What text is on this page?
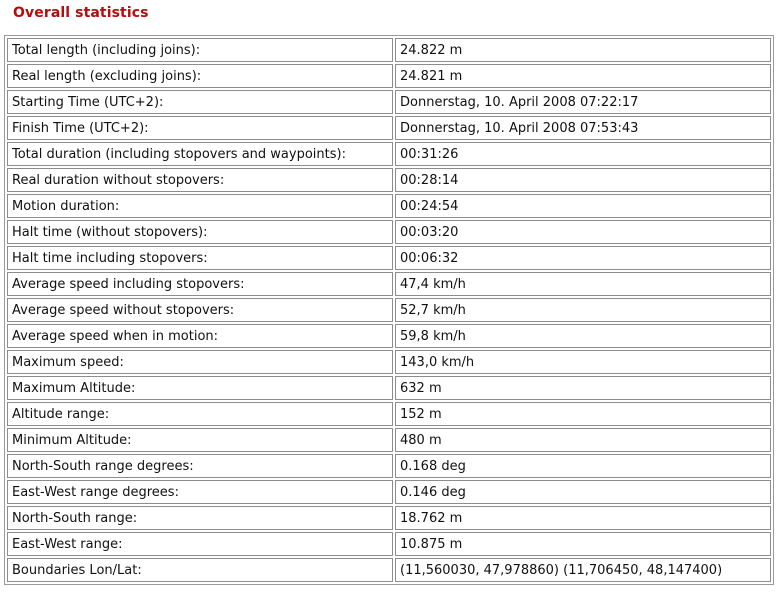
Overall statistics
Total length (including joins):	24.822 m
Real length (excluding joins):	24.821 m
Starting Time (UTC+2):	Donnerstag, 10. April 2008 07:22:17
Finish Time (UTC+2):	Donnerstag, 10. April 2008 07:53:43
Total duration (including stopovers and waypoints):	00:31:26
Real duration without stopovers:	00:28:14
Motion duration:	00:24:54
Halt time (without stopovers):	00:03:20
Halt time including stopovers:	00:06:32
Average speed including stopovers:	47,4 km/h
Average speed without stopovers:	52,7 km/h
Average speed when in motion:	59,8 km/h
Maximum speed:	143,0 km/h
Maximum Altitude:	632 m
Altitude range:	152 m
Minimum Altitude:	480 m
North-South range degrees:	0.168 deg
East-West range degrees:	0.146 deg
North-South range:	18.762 m
East-West range:	10.875 m
Boundaries Lon/Lat:	(11,560030, 47,978860) (11,706450, 48,147400)
